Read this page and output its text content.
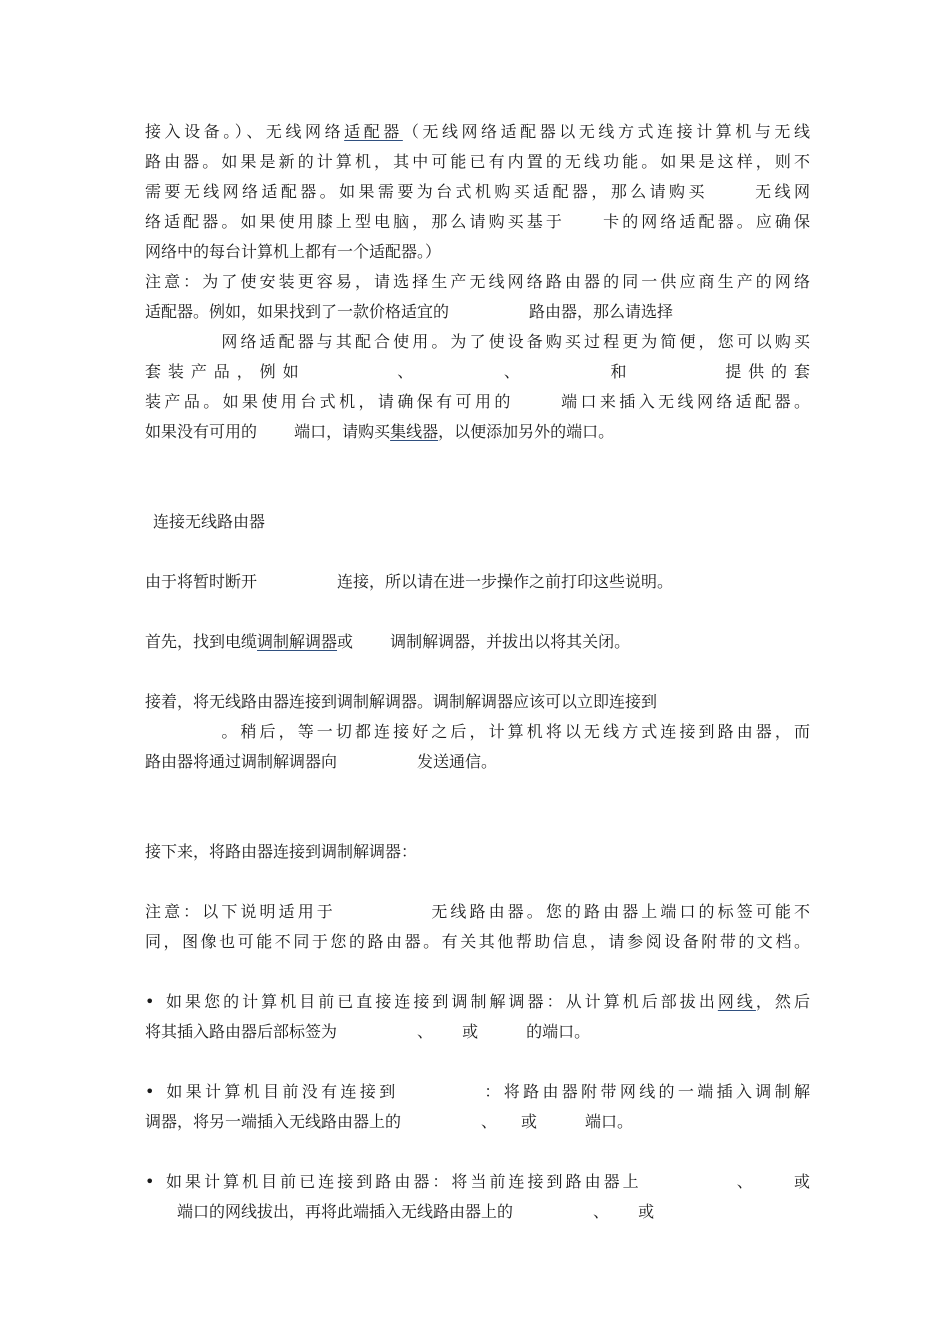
接入设备。）、无线网络适配器（无线网络适配器以无线方式连接计算机与无线
路由器。如果是新的计算机，其中可能已有内置的无线功能。如果是这样，则不
需要无线网络适配器。如果需要为台式机购买适配器，那么请购买　　 无线网
络适配器。如果使用膝上型电脑，那么请购买基于　　卡的网络适配器。应确保
网络中的每台计算机上都有一个适配器。）
注意：为了使安装更容易，请选择生产无线网络路由器的同一供应商生产的网络
适配器。例如，如果找到了一款价格适宜的　　　　　路由器，那么请选择
　　　　网络适配器与其配合使用。为了使设备购买过程更为简便，您可以购买
套装产品，例如　　　　、　　　　、　　　　和　　　　提供的套
装产品。如果使用台式机，请确保有可用的　　 端口来插入无线网络适配器。
如果没有可用的　　 端口，请购买集线器，以便添加另外的端口。
连接无线路由器
由于将暂时断开　　　　　连接，所以请在进一步操作之前打印这些说明。
首先，找到电缆调制解调器或　　 调制解调器，并拔出以将其关闭。
接着，将无线路由器连接到调制解调器。调制解调器应该可以立即连接到
　　　　。稍后，等一切都连接好之后，计算机将以无线方式连接到路由器，而
路由器将通过调制解调器向　　　　　发送通信。
接下来，将路由器连接到调制解调器：
注意：以下说明适用于　　　　　无线路由器。您的路由器上端口的标签可能不
同，图像也可能不同于您的路由器。有关其他帮助信息，请参阅设备附带的文档。
• 如果您的计算机目前已直接连接到调制解调器：从计算机后部拔出网线，然后
将其插入路由器后部标签为　　　　　、　　 或　　　的端口。
• 如果计算机目前没有连接到　　　　 ：将路由器附带网线的一端插入调制解
调器，将另一端插入无线路由器上的　　　　　、　　或　　　端口。
• 如果计算机目前已连接到路由器：将当前连接到路由器上　　　　　、　　 或
　　端口的网线拔出，再将此端插入无线路由器上的　　　　　、　　 或
